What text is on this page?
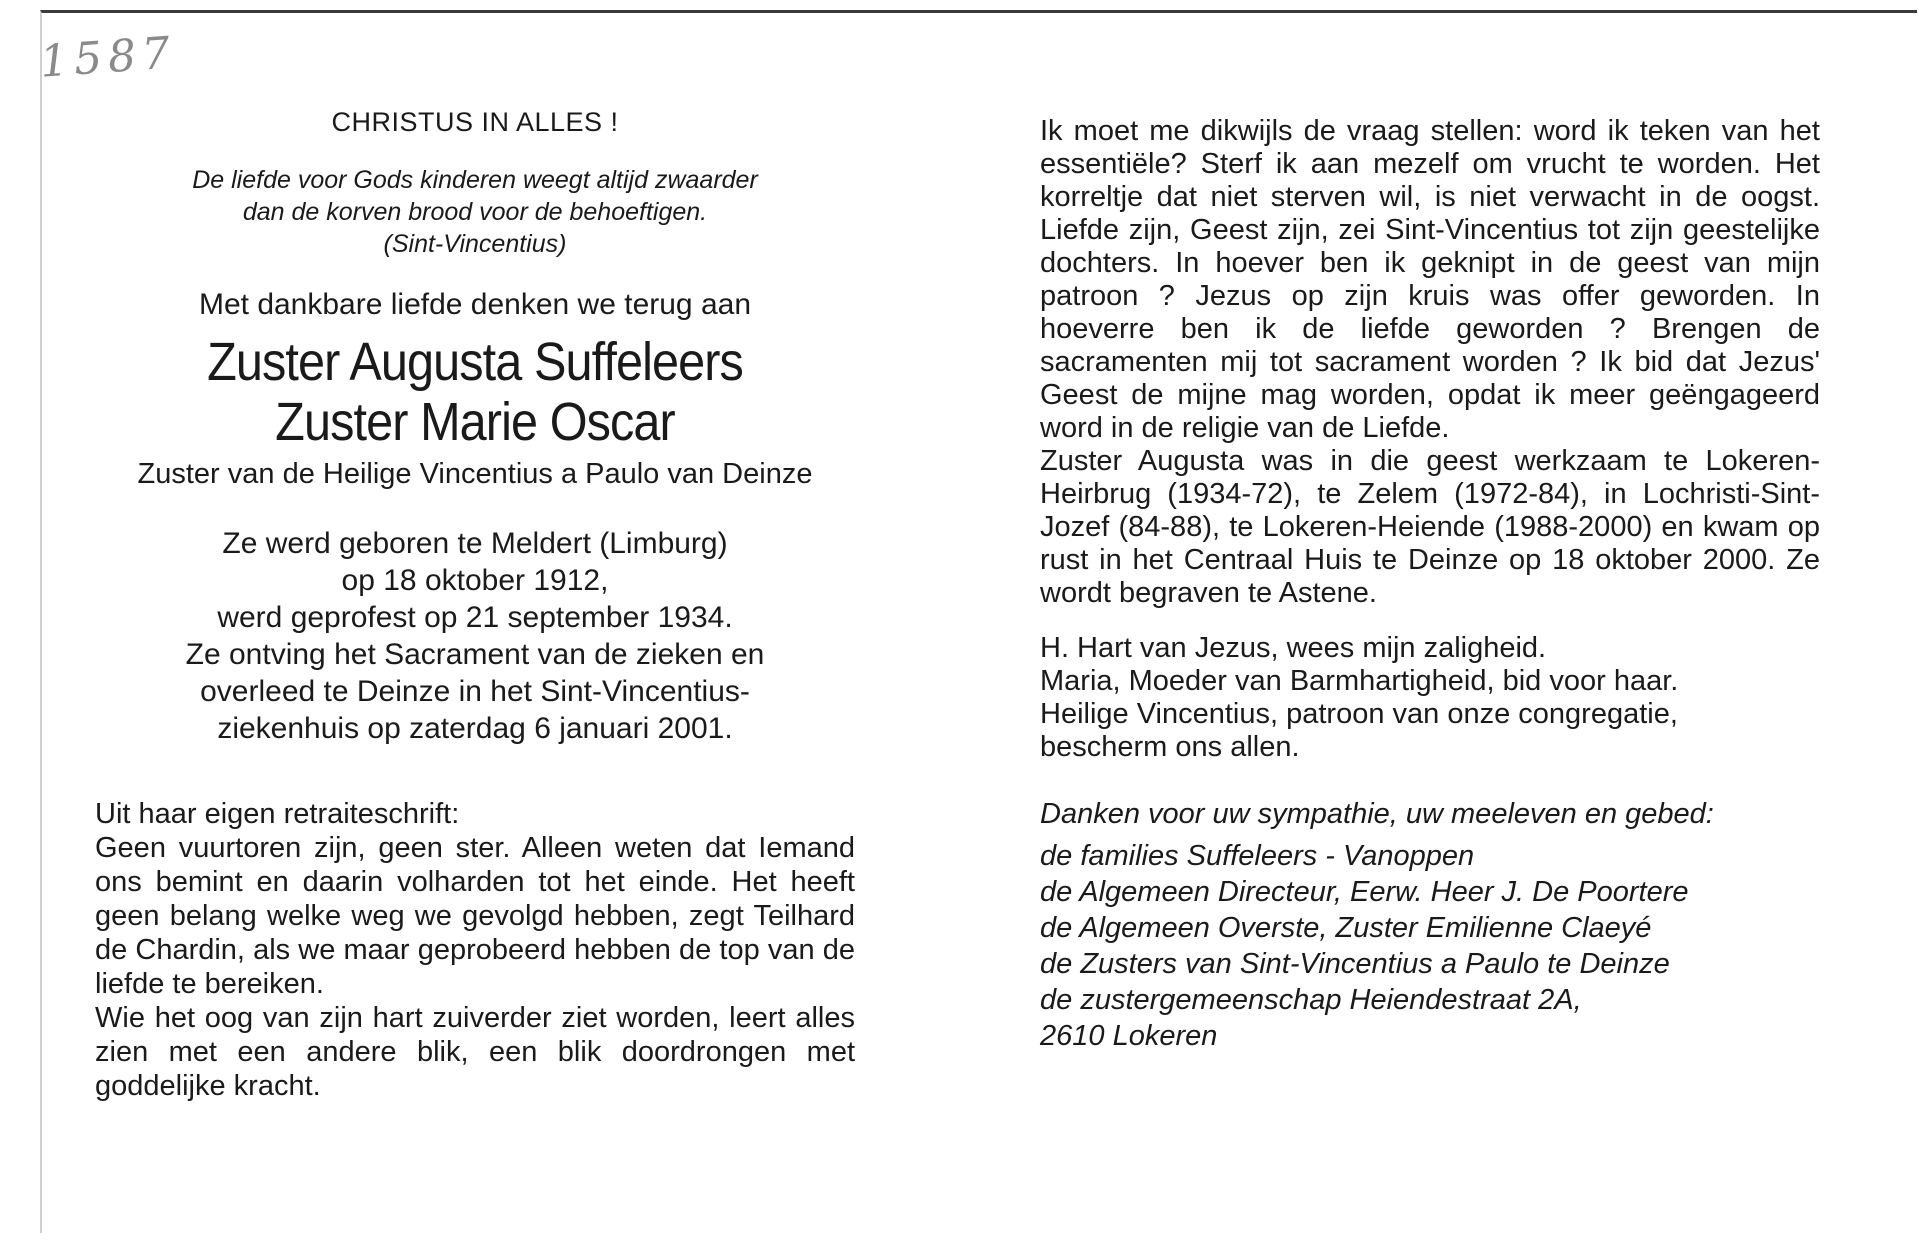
1587
CHRISTUS IN ALLES !
De liefde voor Gods kinderen weegt altijd zwaarder
dan de korven brood voor de behoeftigen.
(Sint-Vincentius)
Met dankbare liefde denken we terug aan
Zuster Augusta Suffeleers
Zuster Marie Oscar
Zuster van de Heilige Vincentius a Paulo van Deinze
Ze werd geboren te Meldert (Limburg)
op 18 oktober 1912,
werd geprofest op 21 september 1934.
Ze ontving het Sacrament van de zieken en
overleed te Deinze in het Sint-Vincentius-
ziekenhuis op zaterdag 6 januari 2001.
Uit haar eigen retraiteschrift:
Geen vuurtoren zijn, geen ster. Alleen weten dat Iemand ons bemint en daarin volharden tot het einde. Het heeft geen belang welke weg we gevolgd hebben, zegt Teilhard de Chardin, als we maar geprobeerd hebben de top van de liefde te bereiken.
Wie het oog van zijn hart zuiverder ziet worden, leert alles zien met een andere blik, een blik doordrongen met goddelijke kracht.
Ik moet me dikwijls de vraag stellen: word ik teken van het essentiële? Sterf ik aan mezelf om vrucht te worden. Het korreltje dat niet sterven wil, is niet verwacht in de oogst. Liefde zijn, Geest zijn, zei Sint-Vincentius tot zijn geestelijke dochters. In hoever ben ik geknipt in de geest van mijn patroon ? Jezus op zijn kruis was offer geworden. In hoeverre ben ik de liefde geworden ? Brengen de sacramenten mij tot sacrament worden ? Ik bid dat Jezus' Geest de mijne mag worden, opdat ik meer geëngageerd word in de religie van de Liefde.
Zuster Augusta was in die geest werkzaam te Lokeren-Heirbrug (1934-72), te Zelem (1972-84), in Lochristi-Sint-Jozef (84-88), te Lokeren-Heiende (1988-2000) en kwam op rust in het Centraal Huis te Deinze op 18 oktober 2000. Ze wordt begraven te Astene.
H. Hart van Jezus, wees mijn zaligheid.
Maria, Moeder van Barmhartigheid, bid voor haar.
Heilige Vincentius, patroon van onze congregatie,
bescherm ons allen.
Danken voor uw sympathie, uw meeleven en gebed:
de families Suffeleers - Vanoppen
de Algemeen Directeur, Eerw. Heer J. De Poortere
de Algemeen Overste, Zuster Emilienne Claeyé
de Zusters van Sint-Vincentius a Paulo te Deinze
de zustergemeenschap Heiendestraat 2A,
2610 Lokeren
